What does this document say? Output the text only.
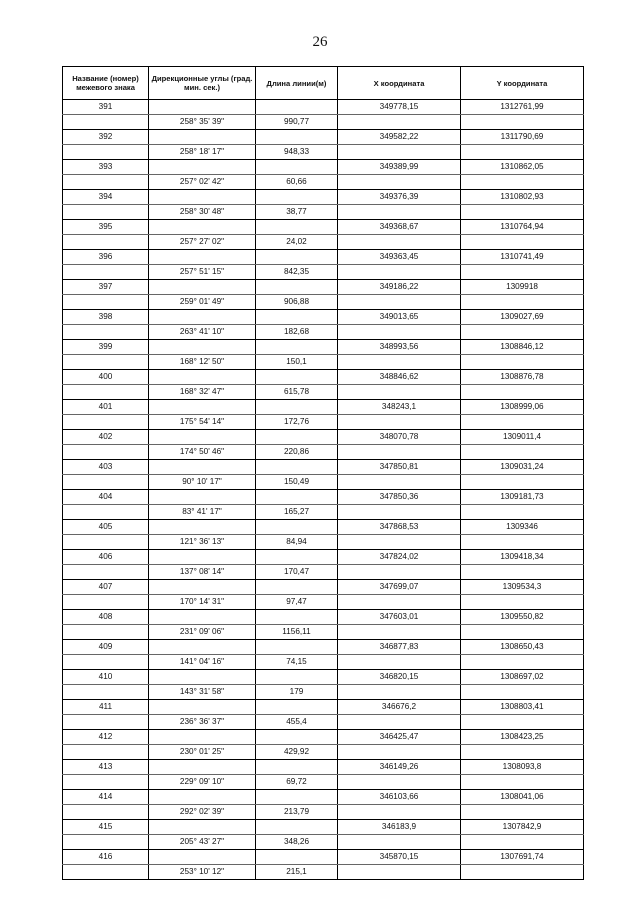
26
Название (номер) межевого знака	Дирекционные углы (град. мин. сек.)	Длина линии(м)	X координата	Y координата
391			349778,15	1312761,99
	258° 35' 39"	990,77		
392			349582,22	1311790,69
	258° 18' 17"	948,33		
393			349389,99	1310862,05
	257° 02' 42"	60,66		
394			349376,39	1310802,93
	258° 30' 48"	38,77		
395			349368,67	1310764,94
	257° 27' 02"	24,02		
396			349363,45	1310741,49
	257° 51' 15"	842,35		
397			349186,22	1309918
	259° 01' 49"	906,88		
398			349013,65	1309027,69
	263° 41' 10"	182,68		
399			348993,56	1308846,12
	168° 12' 50"	150,1		
400			348846,62	1308876,78
	168° 32' 47"	615,78		
401			348243,1	1308999,06
	175° 54' 14"	172,76		
402			348070,78	1309011,4
	174° 50' 46"	220,86		
403			347850,81	1309031,24
	90° 10' 17"	150,49		
404			347850,36	1309181,73
	83° 41' 17"	165,27		
405			347868,53	1309346
	121° 36' 13"	84,94		
406			347824,02	1309418,34
	137° 08' 14"	170,47		
407			347699,07	1309534,3
	170° 14' 31"	97,47		
408			347603,01	1309550,82
	231° 09' 06"	1156,11		
409			346877,83	1308650,43
	141° 04' 16"	74,15		
410			346820,15	1308697,02
	143° 31' 58"	179		
411			346676,2	1308803,41
	236° 36' 37"	455,4		
412			346425,47	1308423,25
	230° 01' 25"	429,92		
413			346149,26	1308093,8
	229° 09' 10"	69,72		
414			346103,66	1308041,06
	292° 02' 39"	213,79		
415			346183,9	1307842,9
	205° 43' 27"	348,26		
416			345870,15	1307691,74
	253° 10' 12"	215,1		
